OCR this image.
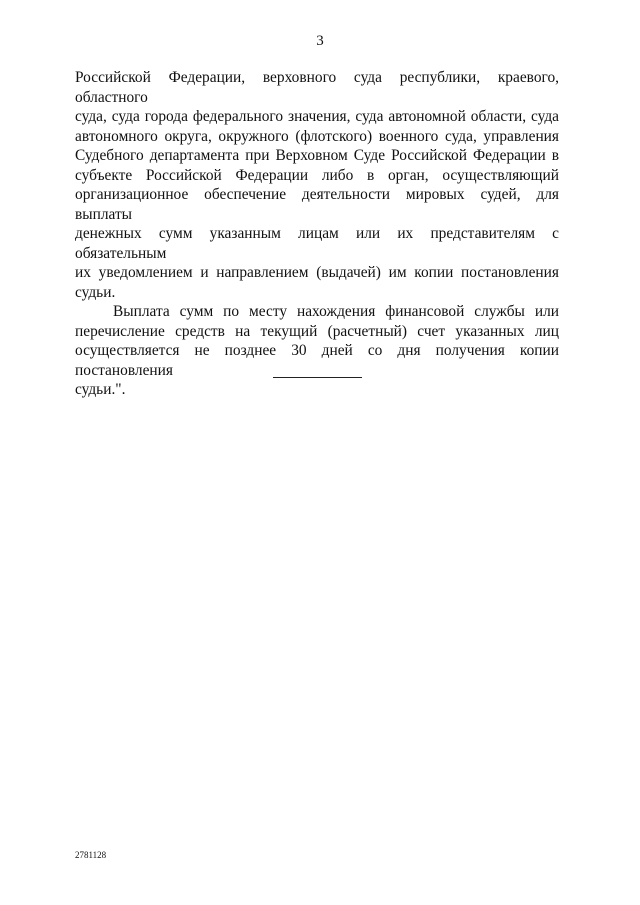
3
Российской Федерации, верховного суда республики, краевого, областного
суда, суда города федерального значения, суда автономной области, суда
автономного округа, окружного (флотского) военного суда, управления
Судебного департамента при Верховном Суде Российской Федерации в
субъекте Российской Федерации либо в орган, осуществляющий
организационное обеспечение деятельности мировых судей, для выплаты
денежных сумм указанным лицам или их представителям с обязательным
их уведомлением и направлением (выдачей) им копии постановления
судьи.
Выплата сумм по месту нахождения финансовой службы или
перечисление средств на текущий (расчетный) счет указанных лиц
осуществляется не позднее 30 дней со дня получения копии постановления
судьи.".
2781128
